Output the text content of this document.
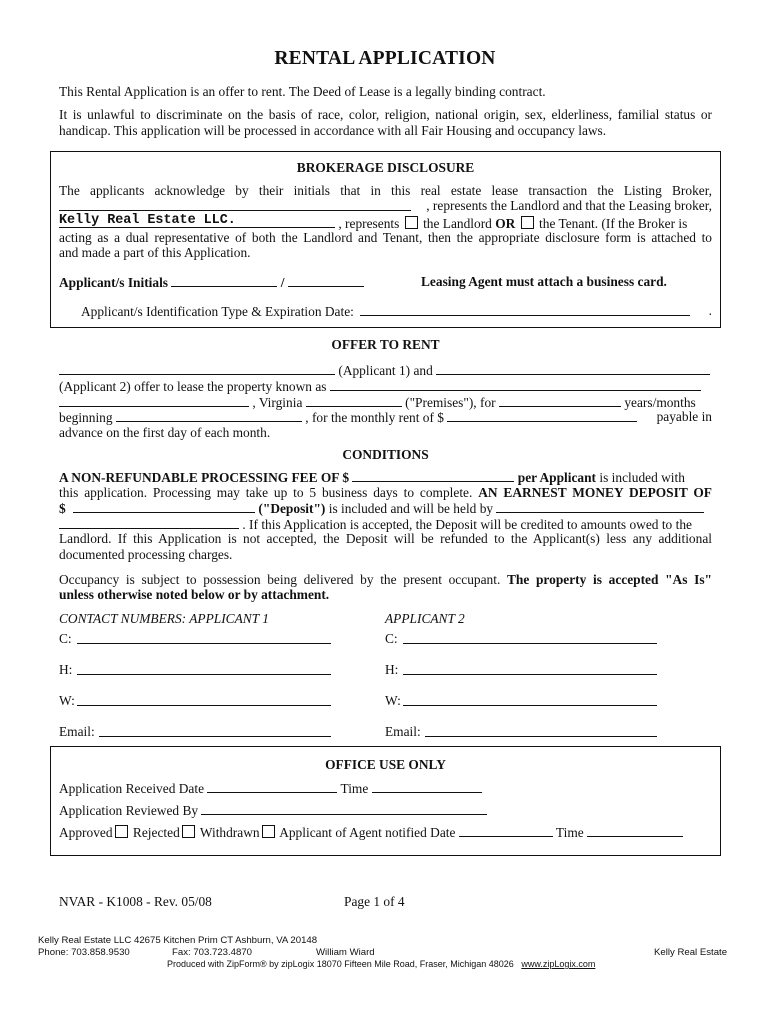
RENTAL APPLICATION
This Rental Application is an offer to rent. The Deed of Lease is a legally binding contract.
It is unlawful to discriminate on the basis of race, color, religion, national origin, sex, elderliness, familial status or
handicap. This application will be processed in accordance with all Fair Housing and occupancy laws.
BROKERAGE DISCLOSURE
The applicants acknowledge by their initials that in this real estate lease transaction the Listing Broker,
, represents the Landlord and that the Leasing broker,
Kelly Real Estate LLC.	, represents the Landlord OR the Tenant. (If the Broker is
acting as a dual representative of both the Landlord and Tenant, then the appropriate disclosure form is attached to
and made a part of this Application.
Applicant/s Initials	/	Leasing Agent must attach a business card.
Applicant/s Identification Type & Expiration Date:	.
OFFER TO RENT
(Applicant 1) and
(Applicant 2) offer to lease the property known as
, Virginia	("Premises"), for	years/months
beginning	, for the monthly rent of $	payable in
advance on the first day of each month.
CONDITIONS
A NON-REFUNDABLE PROCESSING FEE OF $	per Applicant is included with
this application. Processing may take up to 5 business days to complete. AN EARNEST MONEY DEPOSIT OF
$	("Deposit") is included and will be held by
. If this Application is accepted, the Deposit will be credited to amounts owed to the
Landlord. If this Application is not accepted, the Deposit will be refunded to the Applicant(s) less any additional
documented processing charges.
Occupancy is subject to possession being delivered by the present occupant. The property is accepted "As Is"
unless otherwise noted below or by attachment.
CONTACT NUMBERS: APPLICANT 1	APPLICANT 2
C:	C:
H:	H:
W:	W:
Email:	Email:
OFFICE USE ONLY
Application Received Date	Time
Application Reviewed By
Approved Rejected Withdrawn Applicant of Agent notified Date	Time
NVAR - K1008 - Rev. 05/08	Page 1 of 4
Kelly Real Estate LLC 42675 Kitchen Prim CT Ashburn, VA 20148
Phone: 703.858.9530	Fax: 703.723.4870	William Wiard	Kelly Real Estate
Produced with ZipForm® by zipLogix 18070 Fifteen Mile Road, Fraser, Michigan 48026 www.zipLogix.com
